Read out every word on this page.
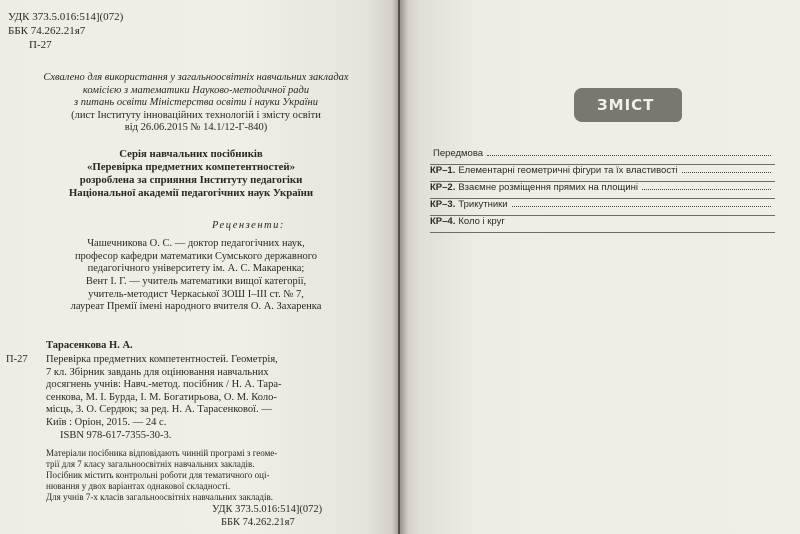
УДК 373.5.016:514](072)
ББК 74.262.21я7
П-27
Схвалено для використання у загальноосвітніх навчальних закладах
комісією з математики Науково-методичної ради
з питань освіти Міністерства освіти і науки України
(лист Інституту інноваційних технологій і змісту освіти
від 26.06.2015 № 14.1/12-Г-840)
Серія навчальних посібників
«Перевірка предметних компетентностей»
розроблена за сприяння Інституту педагогіки
Національної академії педагогічних наук України
Рецензенти:
Чашечникова О. С. — доктор педагогічних наук,
професор кафедри математики Сумського державного
педагогічного університету ім. А. С. Макаренка;
Вент І. Г. — учитель математики вищої категорії,
учитель-методист Черкаської ЗОШ І–ІІІ ст. № 7,
лауреат Премії імені народного вчителя О. А. Захаренка
Тарасенкова Н. А.
П-27 Перевірка предметних компетентностей. Геометрія,
7 кл. Збірник завдань для оцінювання навчальних
досягнень учнів: Навч.-метод. посібник / Н. А. Тара-
сенкова, М. І. Бурда, І. М. Богатирьова, О. М. Коло-
місць, З. О. Сердюк; за ред. Н. А. Тарасенкової. —
Київ : Оріон, 2015. — 24 с.
ISBN 978-617-7355-30-3.
Матеріали посібника відповідають чинній програмі з геоме-
трії для 7 класу загальноосвітніх навчальних закладів.
Посібник містить контрольні роботи для тематичного оці-
нювання у двох варіантах однакової складності.
Для учнів 7-х класів загальноосвітніх навчальних закладів.
УДК 373.5.016:514](072)
ББК 74.262.21я7
ЗМІСТ
Передмова
КР–1. Елементарні геометричні фігури та їх властивості
КР–2. Взаємне розміщення прямих на площині
КР–3. Трикутники
КР–4. Коло і круг
